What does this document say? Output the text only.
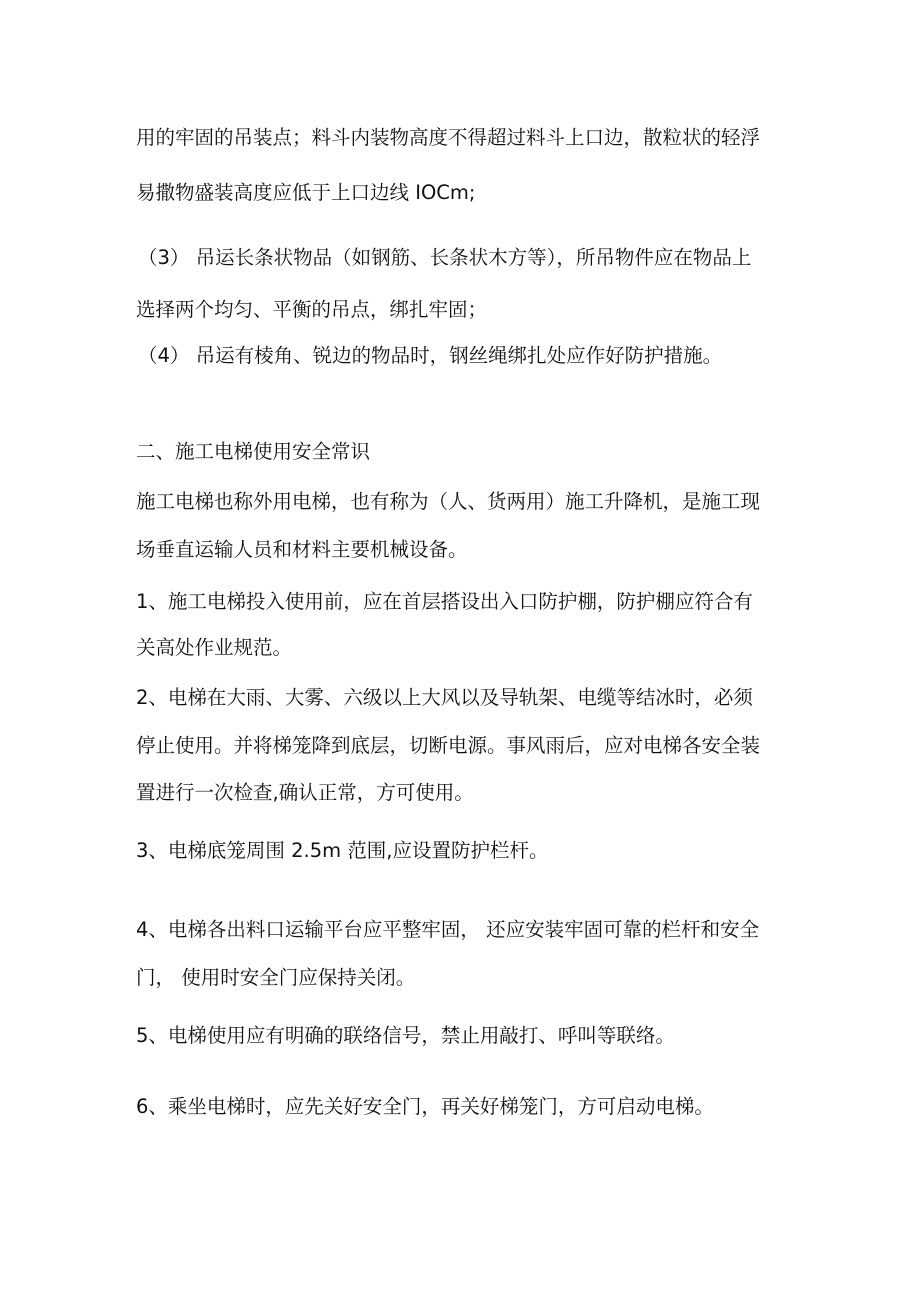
用的牢固的吊装点；料斗内装物高度不得超过料斗上口边，散粒状的轻浮

易撒物盛装高度应低于上口边线 IOCm;

（3） 吊运长条状物品（如钢筋、长条状木方等），所吊物件应在物品上

选择两个均匀、平衡的吊点，绑扎牢固；

（4） 吊运有棱角、锐边的物品时，钢丝绳绑扎处应作好防护措施。

二、施工电梯使用安全常识

施工电梯也称外用电梯，也有称为（人、货两用）施工升降机，是施工现

场垂直运输人员和材料主要机械设备。

1、施工电梯投入使用前，应在首层搭设出入口防护棚，防护棚应符合有

关高处作业规范。

2、电梯在大雨、大雾、六级以上大风以及导轨架、电缆等结冰时，必须

停止使用。并将梯笼降到底层，切断电源。事风雨后，应对电梯各安全装

置进行一次检查,确认正常，方可使用。

3、电梯底笼周围 2.5m 范围,应设置防护栏杆。

4、电梯各出料口运输平台应平整牢固， 还应安装牢固可靠的栏杆和安全

门， 使用时安全门应保持关闭。

5、电梯使用应有明确的联络信号，禁止用敲打、呼叫等联络。

6、乘坐电梯时，应先关好安全门，再关好梯笼门，方可启动电梯。
